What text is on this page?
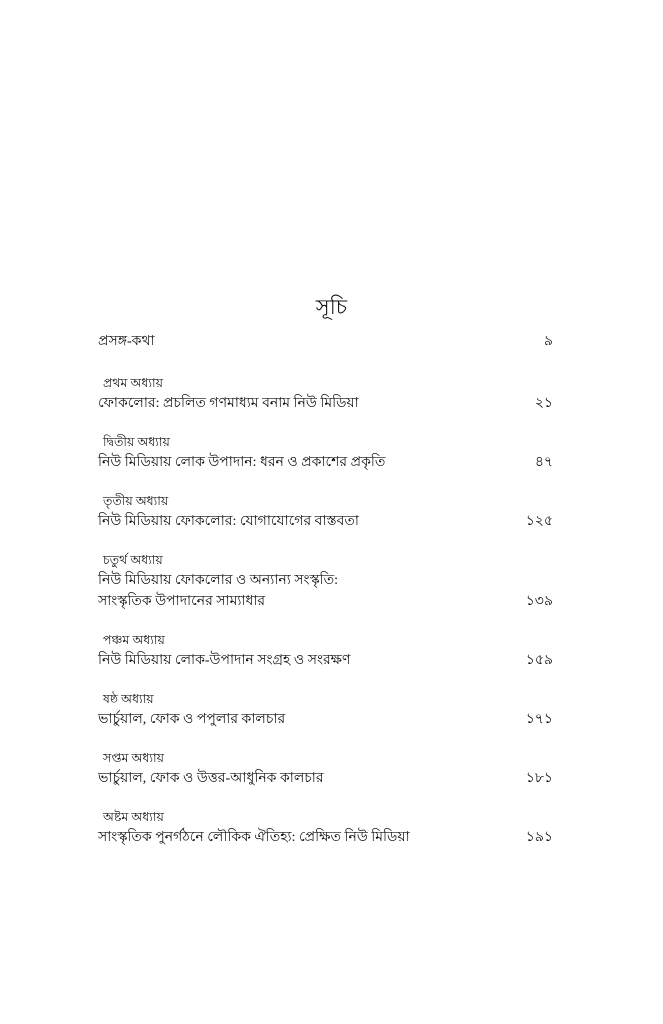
সূচি
প্রসঙ্গ-কথা	৯
প্রথম অধ্যায়
ফোকলোর: প্রচলিত গণমাধ্যম বনাম নিউ মিডিয়া	২১
দ্বিতীয় অধ্যায়
নিউ মিডিয়ায় লোক উপাদান: ধরন ও প্রকাশের প্রকৃতি	৪৭
তৃতীয় অধ্যায়
নিউ মিডিয়ায় ফোকলোর: যোগাযোগের বাস্তবতা	১২৫
চতুর্থ অধ্যায়
নিউ মিডিয়ায় ফোকলোর ও অন্যান্য সংস্কৃতি:
সাংস্কৃতিক উপাদানের সাম্যাধার	১৩৯
পঞ্চম অধ্যায়
নিউ মিডিয়ায় লোক-উপাদান সংগ্রহ ও সংরক্ষণ	১৫৯
ষষ্ঠ অধ্যায়
ভার্চুয়াল, ফোক ও পপুলার কালচার	১৭১
সপ্তম অধ্যায়
ভার্চুয়াল, ফোক ও উত্তর-আধুনিক কালচার	১৮১
অষ্টম অধ্যায়
সাংস্কৃতিক পুনর্গঠনে লৌকিক ঐতিহ্য: প্রেক্ষিত নিউ মিডিয়া	১৯১
